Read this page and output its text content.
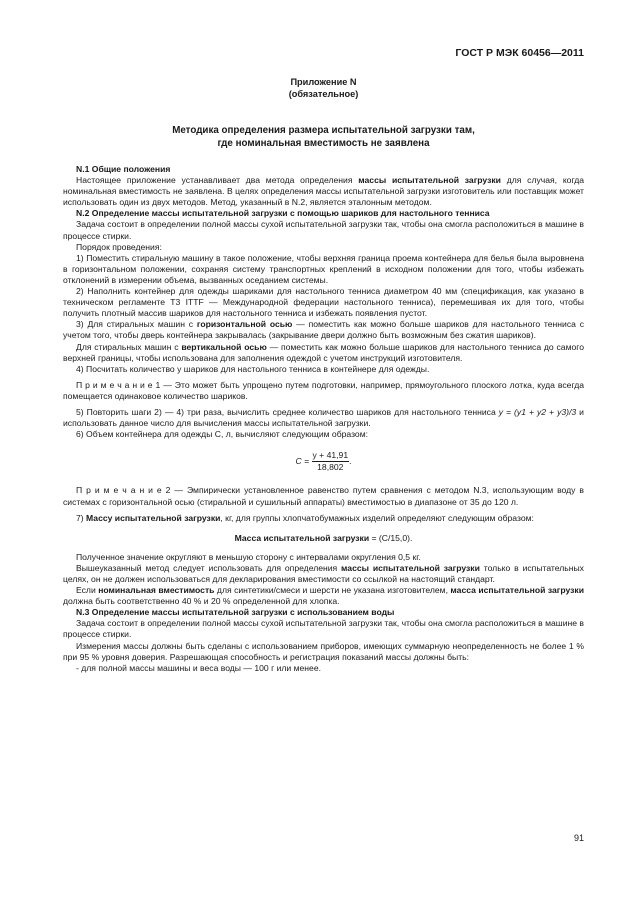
ГОСТ Р МЭК 60456—2011
Приложение N
(обязательное)
Методика определения размера испытательной загрузки там,
где номинальная вместимость не заявлена

N.1 Общие положения

Настоящее приложение устанавливает два метода определения массы испытательной загрузки для случая, когда номинальная вместимость не заявлена. В целях определения массы испытательной загрузки изготовитель или поставщик может использовать один из двух методов. Метод, указанный в N.2, является эталонным методом.

N.2 Определение массы испытательной загрузки с помощью шариков для настольного тенниса

Задача состоит в определении полной массы сухой испытательной загрузки так, чтобы она смогла расположиться в машине в процессе стирки.

Порядок проведения:

1) Поместить стиральную машину в такое положение, чтобы верхняя граница проема контейнера для белья была выровнена в горизонтальном положении, сохраняя систему транспортных креплений в исходном положении для того, чтобы избежать отклонений в измерении объема, вызванных оседанием системы.

2) Наполнить контейнер для одежды шариками для настольного тенниса диаметром 40 мм (спецификация, как указано в техническом регламенте Т3 ITTF — Международной федерации настольного тенниса), перемешивая их для того, чтобы получить плотный массив шариков для настольного тенниса и избежать появления пустот.

3) Для стиральных машин с горизонтальной осью — поместить как можно больше шариков для настольного тенниса с учетом того, чтобы дверь контейнера закрывалась (закрывание двери должно быть возможным без сжатия шариков).

Для стиральных машин с вертикальной осью — поместить как можно больше шариков для настольного тенниса до самого верхней границы, чтобы использована для заполнения одеждой с учетом инструкций изготовителя.

4) Посчитать количество y шариков для настольного тенниса в контейнере для одежды.

П р и м е ч а н и е 1 — Это может быть упрощено путем подготовки, например, прямоугольного плоского лотка, куда всегда помещается одинаковое количество шариков.

5) Повторить шаги 2) — 4) три раза, вычислить среднее количество шариков для настольного тенниса y = (y1 + y2 + y3)/3 и использовать данное число для вычисления массы испытательной загрузки.

6) Объем контейнера для одежды C, л, вычисляют следующим образом:

$C = \frac{y + 41,91}{18,802}$ .

П р и м е ч а н и е 2 — Эмпирически установленное равенство путем сравнения с методом N.3, использующим воду в системах с горизонтальной осью (стиральной и сушильный аппараты) вместимостью в диапазоне от 35 до 120 л.

7) Массу испытательной загрузки, кг, для группы хлопчатобумажных изделий определяют следующим образом:

Масса испытательной загрузки = (C/15,0).

Полученное значение округляют в меньшую сторону с интервалами округления 0,5 кг.

Вышеуказанный метод следует использовать для определения массы испытательной загрузки только в испытательных целях, он не должен использоваться для декларирования вместимости со ссылкой на настоящий стандарт.

Если номинальная вместимость для синтетики/смеси и шерсти не указана изготовителем, масса испытательной загрузки должна быть соответственно 40 % и 20 % определенной для хлопка.

N.3 Определение массы испытательной загрузки с использованием воды

Задача состоит в определении полной массы сухой испытательной загрузки так, чтобы она смогла расположиться в машине в процессе стирки.

Измерения массы должны быть сделаны с использованием приборов, имеющих суммарную неопределенность не более 1 % при 95 % уровня доверия. Разрешающая способность и регистрация показаний массы должны быть:

- для полной массы машины и веса воды — 100 г или менее.

91
